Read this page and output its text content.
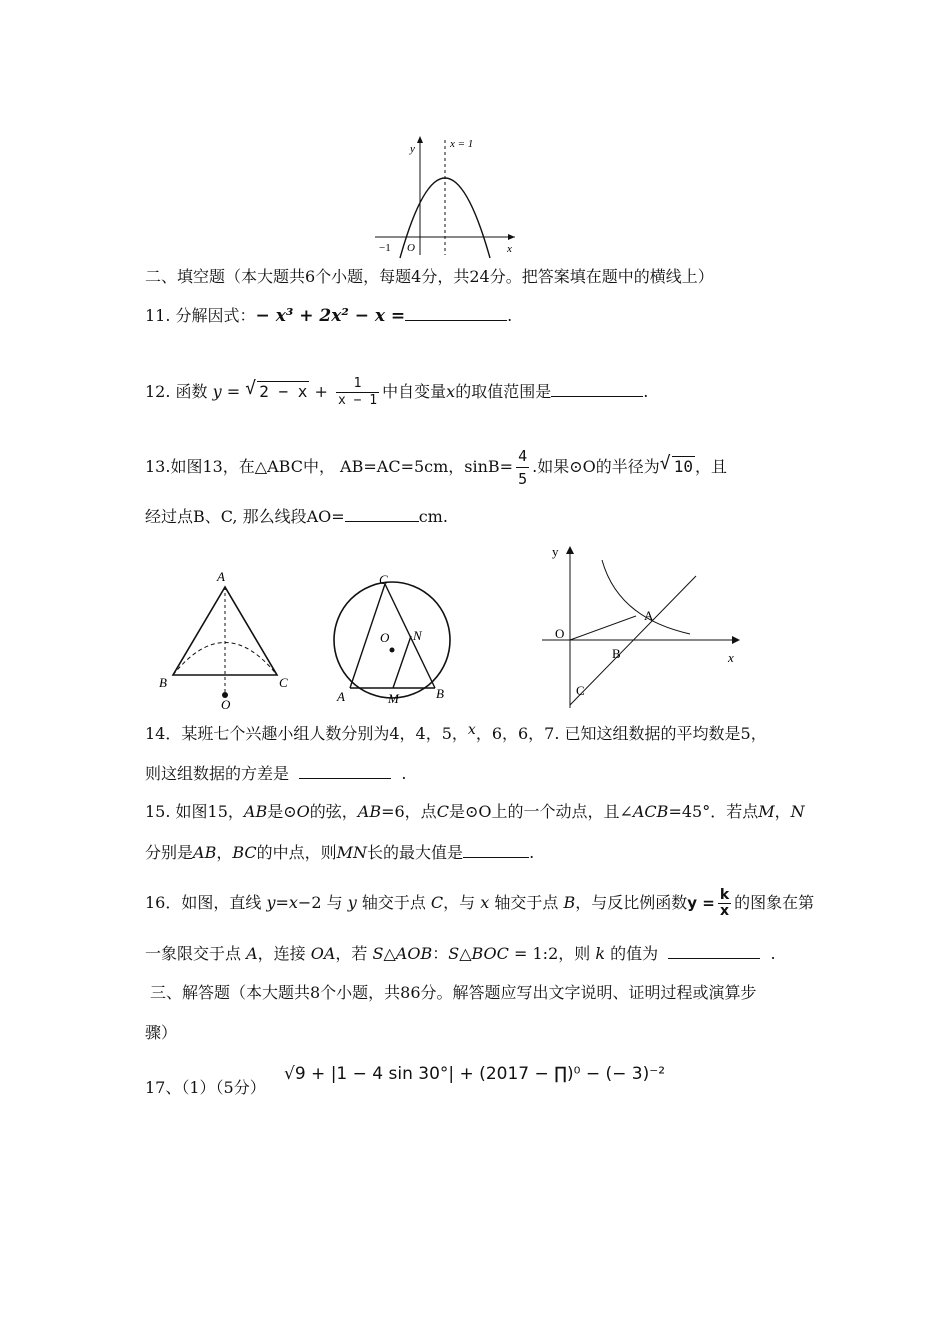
y
x
x = 1
−1 O
二、填空题（本大题共6个小题，每题4分，共24分。把答案填在题中的横线上）
11. 分解因式：− x³ + 2x² − x =	.
12. 函数 y = √ $2 - x + \frac{1}{x - 1}$ 中自变量x的取值范围是	.
13.如图13，在△ABC中， AB=AC=5cm，$\sin B= \frac{4}{5}$ .如果⊙O的半径为 √ 10 ，且
经过点B、C, 那么线段AO=	cm.
A
B	C
O
C
O N
A	M	B
y
x
O
A
B
C
14．某班七个兴趣小组人数分别为4，4，5，x，6，6，7. 已知这组数据的平均数是5，
则这组数据的方差是	.
15. 如图15，AB是⊙O的弦，AB=6，点C是⊙O上的一个动点，且∠ACB=45°．若点M，N
分别是AB，BC的中点，则MN长的最大值是	.
16．如图，直线 y=x−2 与 y 轴交于点 C，与 x 轴交于点 B，与反比例函数$y = \frac{k}{x}$ 的图象在第
一象限交于点 A，连接 OA，若 S△AOB：S△BOC = 1:2，则 k 的值为	.
三、解答题（本大题共8个小题，共86分。解答题应写出文字说明、证明过程或演算步
骤）
17、（1）（5分）
√9 + |1 − 4 sin 30°| + (2017 − ∏)⁰ − (− 3)⁻²
